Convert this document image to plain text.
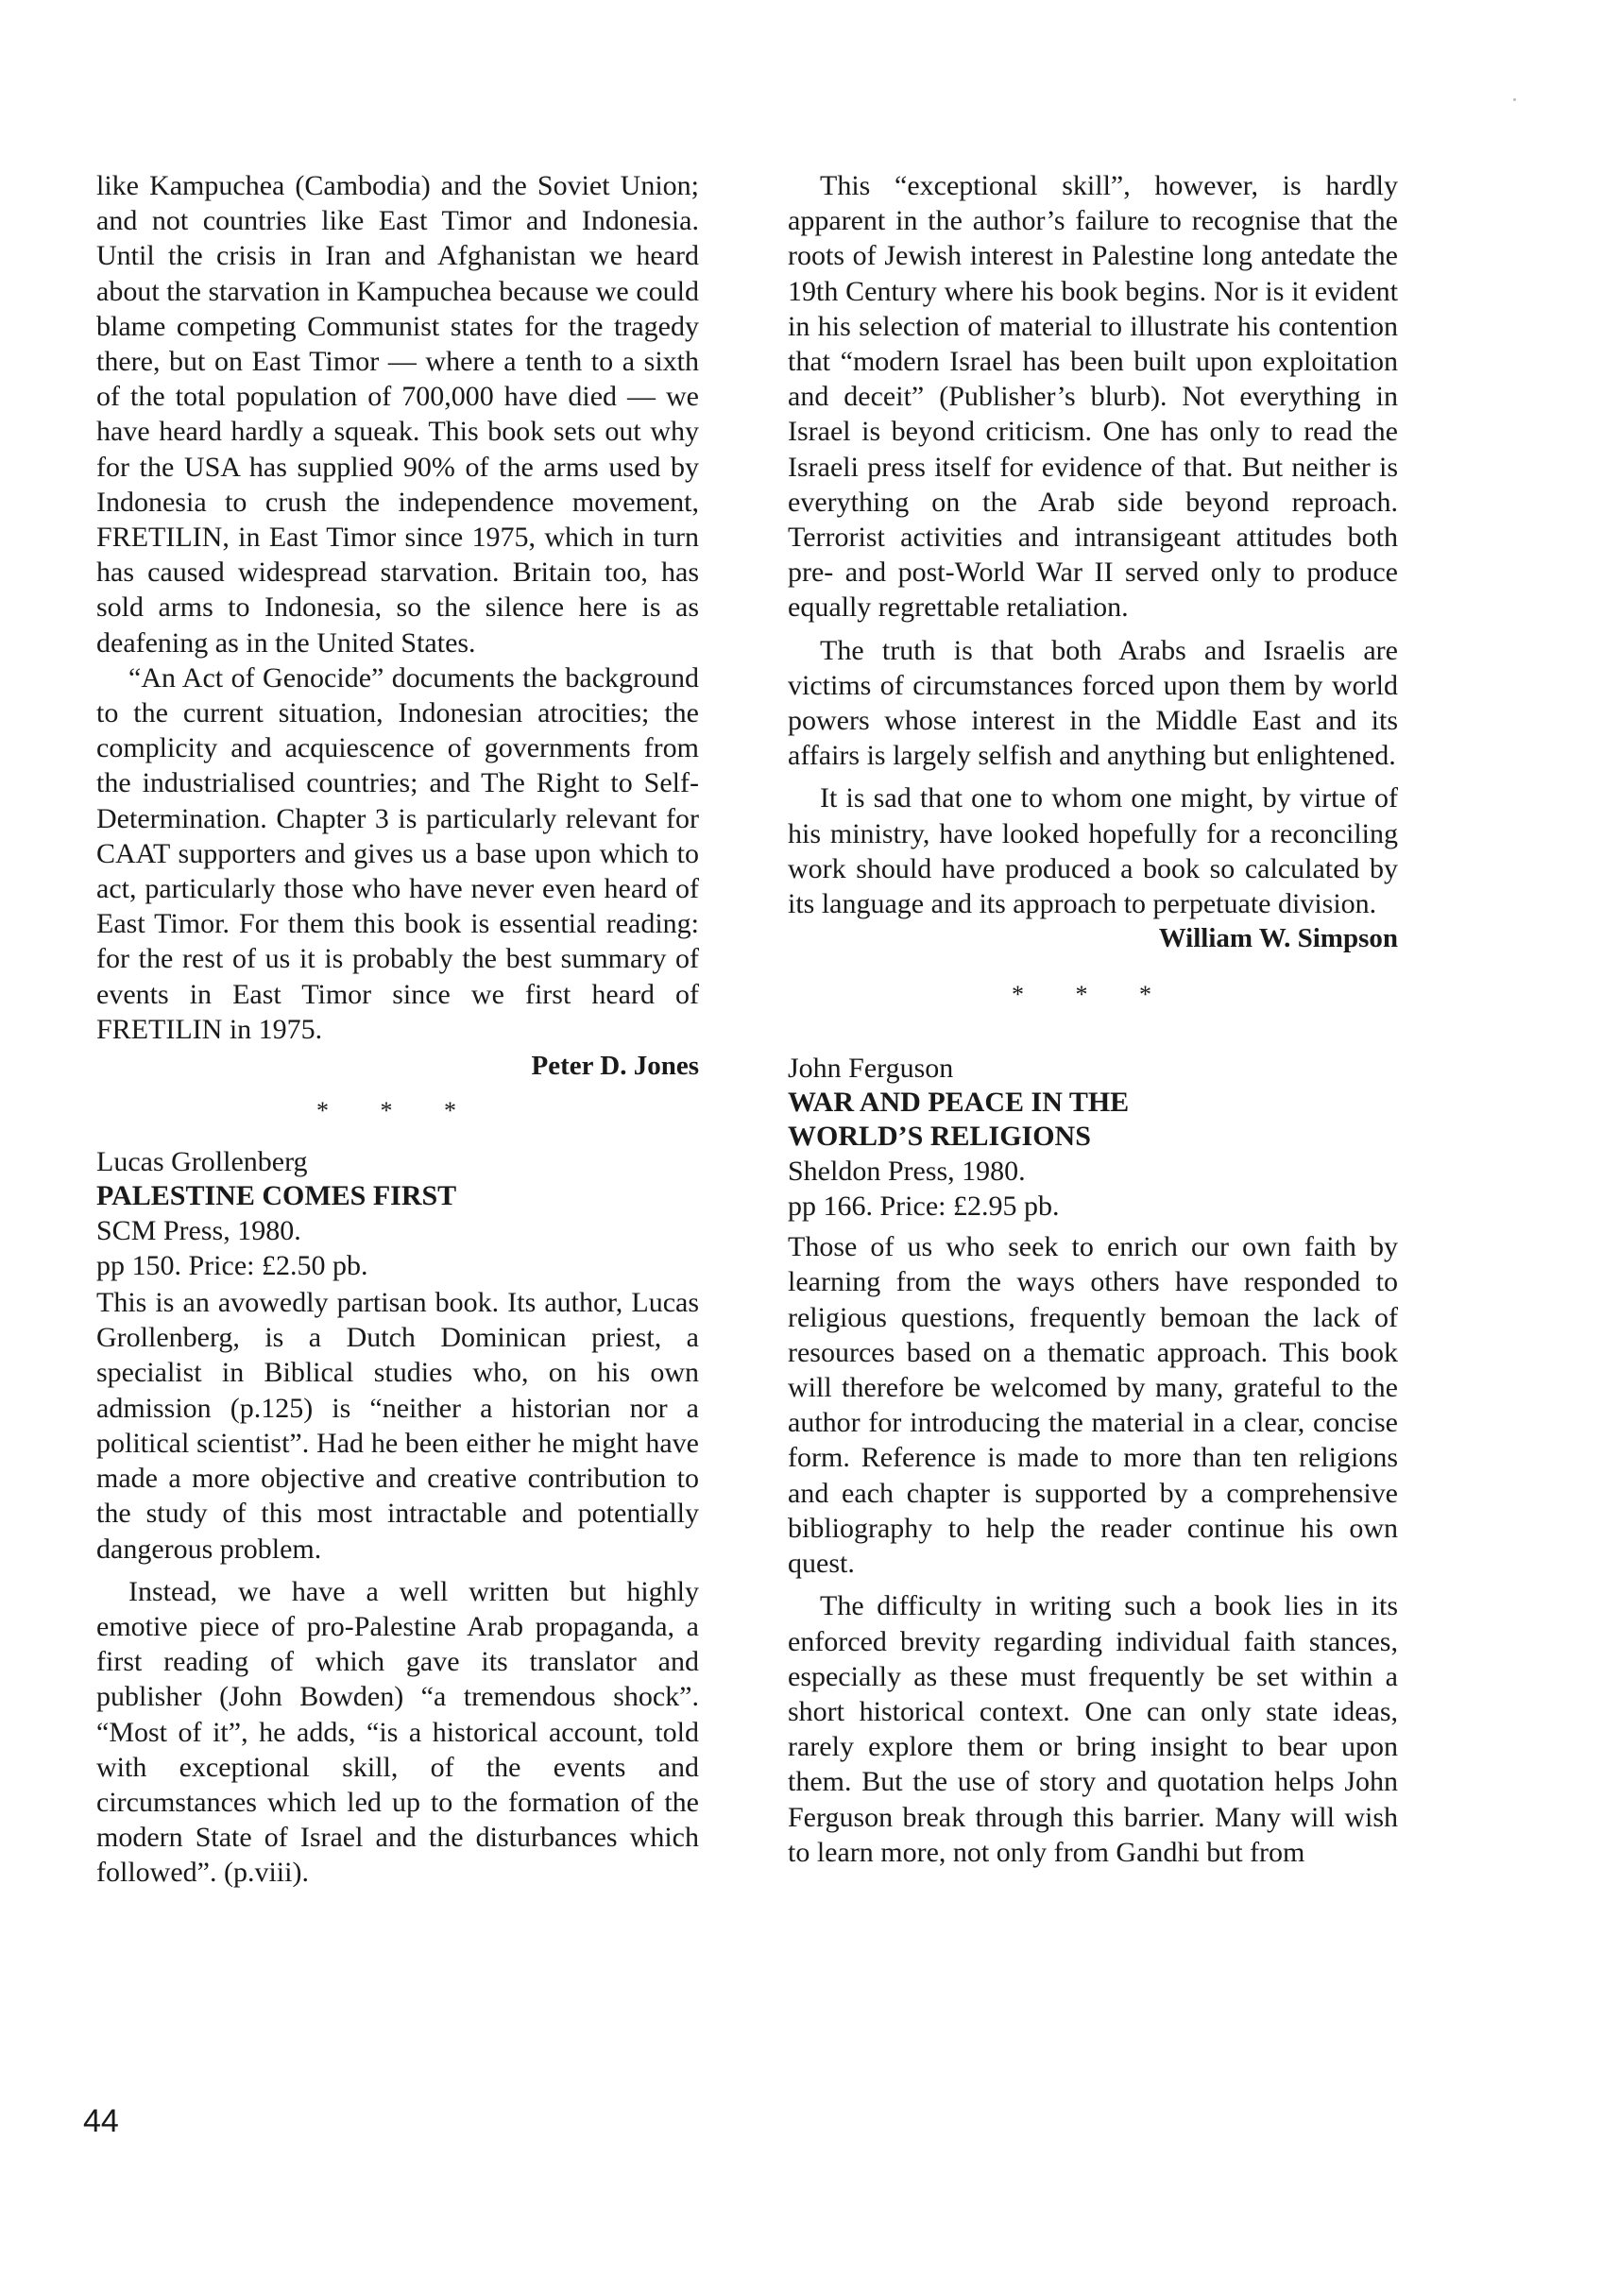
like Kampuchea (Cambodia) and the Soviet Union; and not countries like East Timor and Indonesia. Until the crisis in Iran and Afghanistan we heard about the starvation in Kampuchea because we could blame competing Communist states for the tragedy there, but on East Timor — where a tenth to a sixth of the total population of 700,000 have died — we have heard hardly a squeak. This book sets out why for the USA has supplied 90% of the arms used by Indonesia to crush the independence movement, FRETILIN, in East Timor since 1975, which in turn has caused widespread starvation. Britain too, has sold arms to Indonesia, so the silence here is as deafening as in the United States.

“An Act of Genocide” documents the background to the current situation, Indonesian atrocities; the complicity and acquiescence of governments from the industrialised countries; and The Right to Self-Determination. Chapter 3 is particularly relevant for CAAT supporters and gives us a base upon which to act, particularly those who have never even heard of East Timor. For them this book is essential reading: for the rest of us it is probably the best summary of events in East Timor since we first heard of FRETILIN in 1975.

Peter D. Jones

* * *

Lucas Grollenberg

PALESTINE COMES FIRST

SCM Press, 1980.

pp 150. Price: £2.50 pb.

This is an avowedly partisan book. Its author, Lucas Grollenberg, is a Dutch Dominican priest, a specialist in Biblical studies who, on his own admission (p.125) is “neither a historian nor a political scientist”. Had he been either he might have made a more objective and creative contribution to the study of this most intractable and potentially dangerous problem.

Instead, we have a well written but highly emotive piece of pro-Palestine Arab propaganda, a first reading of which gave its translator and publisher (John Bowden) “a tremendous shock”. “Most of it”, he adds, “is a historical account, told with exceptional skill, of the events and circumstances which led up to the formation of the modern State of Israel and the disturbances which followed”. (p.viii).

This “exceptional skill”, however, is hardly apparent in the author’s failure to recognise that the roots of Jewish interest in Palestine long antedate the 19th Century where his book begins. Nor is it evident in his selection of material to illustrate his contention that “modern Israel has been built upon exploitation and deceit” (Publisher’s blurb). Not everything in Israel is beyond criticism. One has only to read the Israeli press itself for evidence of that. But neither is everything on the Arab side beyond reproach. Terrorist activities and intransigeant attitudes both pre- and post-World War II served only to produce equally regrettable retaliation.

The truth is that both Arabs and Israelis are victims of circumstances forced upon them by world powers whose interest in the Middle East and its affairs is largely selfish and anything but enlightened.

It is sad that one to whom one might, by virtue of his ministry, have looked hopefully for a reconciling work should have produced a book so calculated by its language and its approach to perpetuate division.

William W. Simpson

* * *

John Ferguson

WAR AND PEACE IN THE

WORLD’S RELIGIONS

Sheldon Press, 1980.

pp 166. Price: £2.95 pb.

Those of us who seek to enrich our own faith by learning from the ways others have responded to religious questions, frequently bemoan the lack of resources based on a thematic approach. This book will therefore be welcomed by many, grateful to the author for introducing the material in a clear, concise form. Reference is made to more than ten religions and each chapter is supported by a comprehensive bibliography to help the reader continue his own quest.

The difficulty in writing such a book lies in its enforced brevity regarding individual faith stances, especially as these must frequently be set within a short historical context. One can only state ideas, rarely explore them or bring insight to bear upon them. But the use of story and quotation helps John Ferguson break through this barrier. Many will wish to learn more, not only from Gandhi but from

44
